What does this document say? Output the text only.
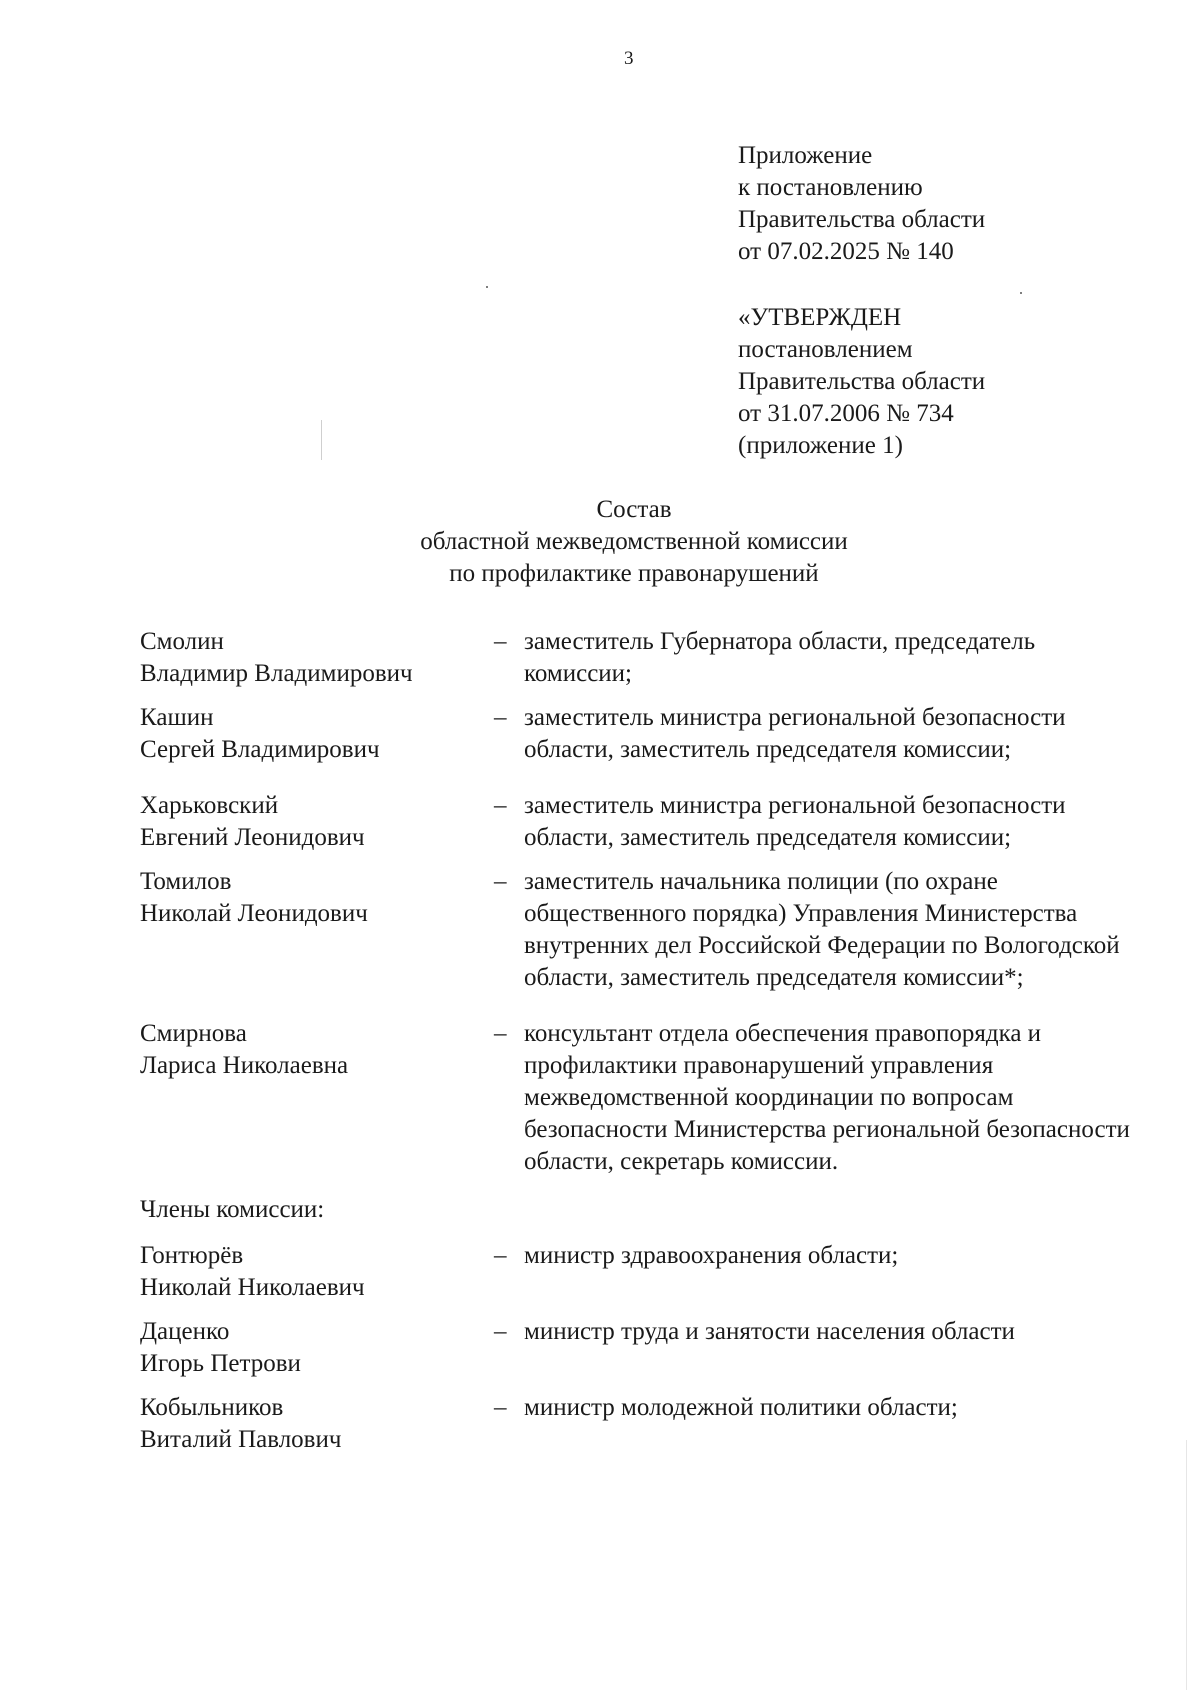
3
Приложение
к постановлению
Правительства области
от 07.02.2025 № 140
«УТВЕРЖДЕН
постановлением
Правительства области
от 31.07.2006 № 734
(приложение 1)
Состав
областной межведомственной комиссии
по профилактике правонарушений
Смолин
Владимир Владимирович
– заместитель Губернатора области, председатель комиссии;
Кашин
Сергей Владимирович
– заместитель министра региональной безопасности области, заместитель председателя комиссии;
Харьковский
Евгений Леонидович
– заместитель министра региональной безопасности области, заместитель председателя комиссии;
Томилов
Николай Леонидович
– заместитель начальника полиции (по охране общественного порядка) Управления Министерства внутренних дел Российской Федерации по Вологодской области, заместитель председателя комиссии*;
Смирнова
Лариса Николаевна
– консультант отдела обеспечения правопорядка и профилактики правонарушений управления межведомственной координации по вопросам безопасности Министерства региональной безопасности области, секретарь комиссии.
Члены комиссии:
Гонтюрёв
Николай Николаевич
– министр здравоохранения области;
Даценко
Игорь Петрови
– министр труда и занятости населения области
Кобыльников
Виталий Павлович
– министр молодежной политики области;
